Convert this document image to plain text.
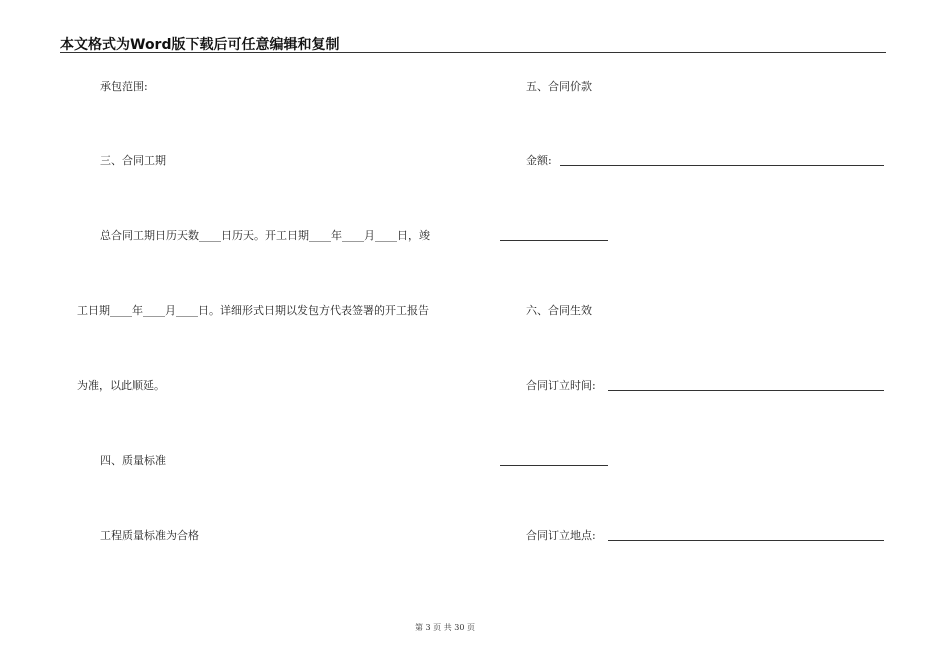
本文格式为Word版下载后可任意编辑和复制
承包范围:
三、合同工期
总合同工期日历天数____日历天。开工日期____年____月____日，竣
工日期____年____月____日。详细形式日期以发包方代表签署的开工报告
为准，以此顺延。
四、质量标准
工程质量标准为合格
五、合同价款
金额:
六、合同生效
合同订立时间:
合同订立地点:
第 3 页 共 30 页
